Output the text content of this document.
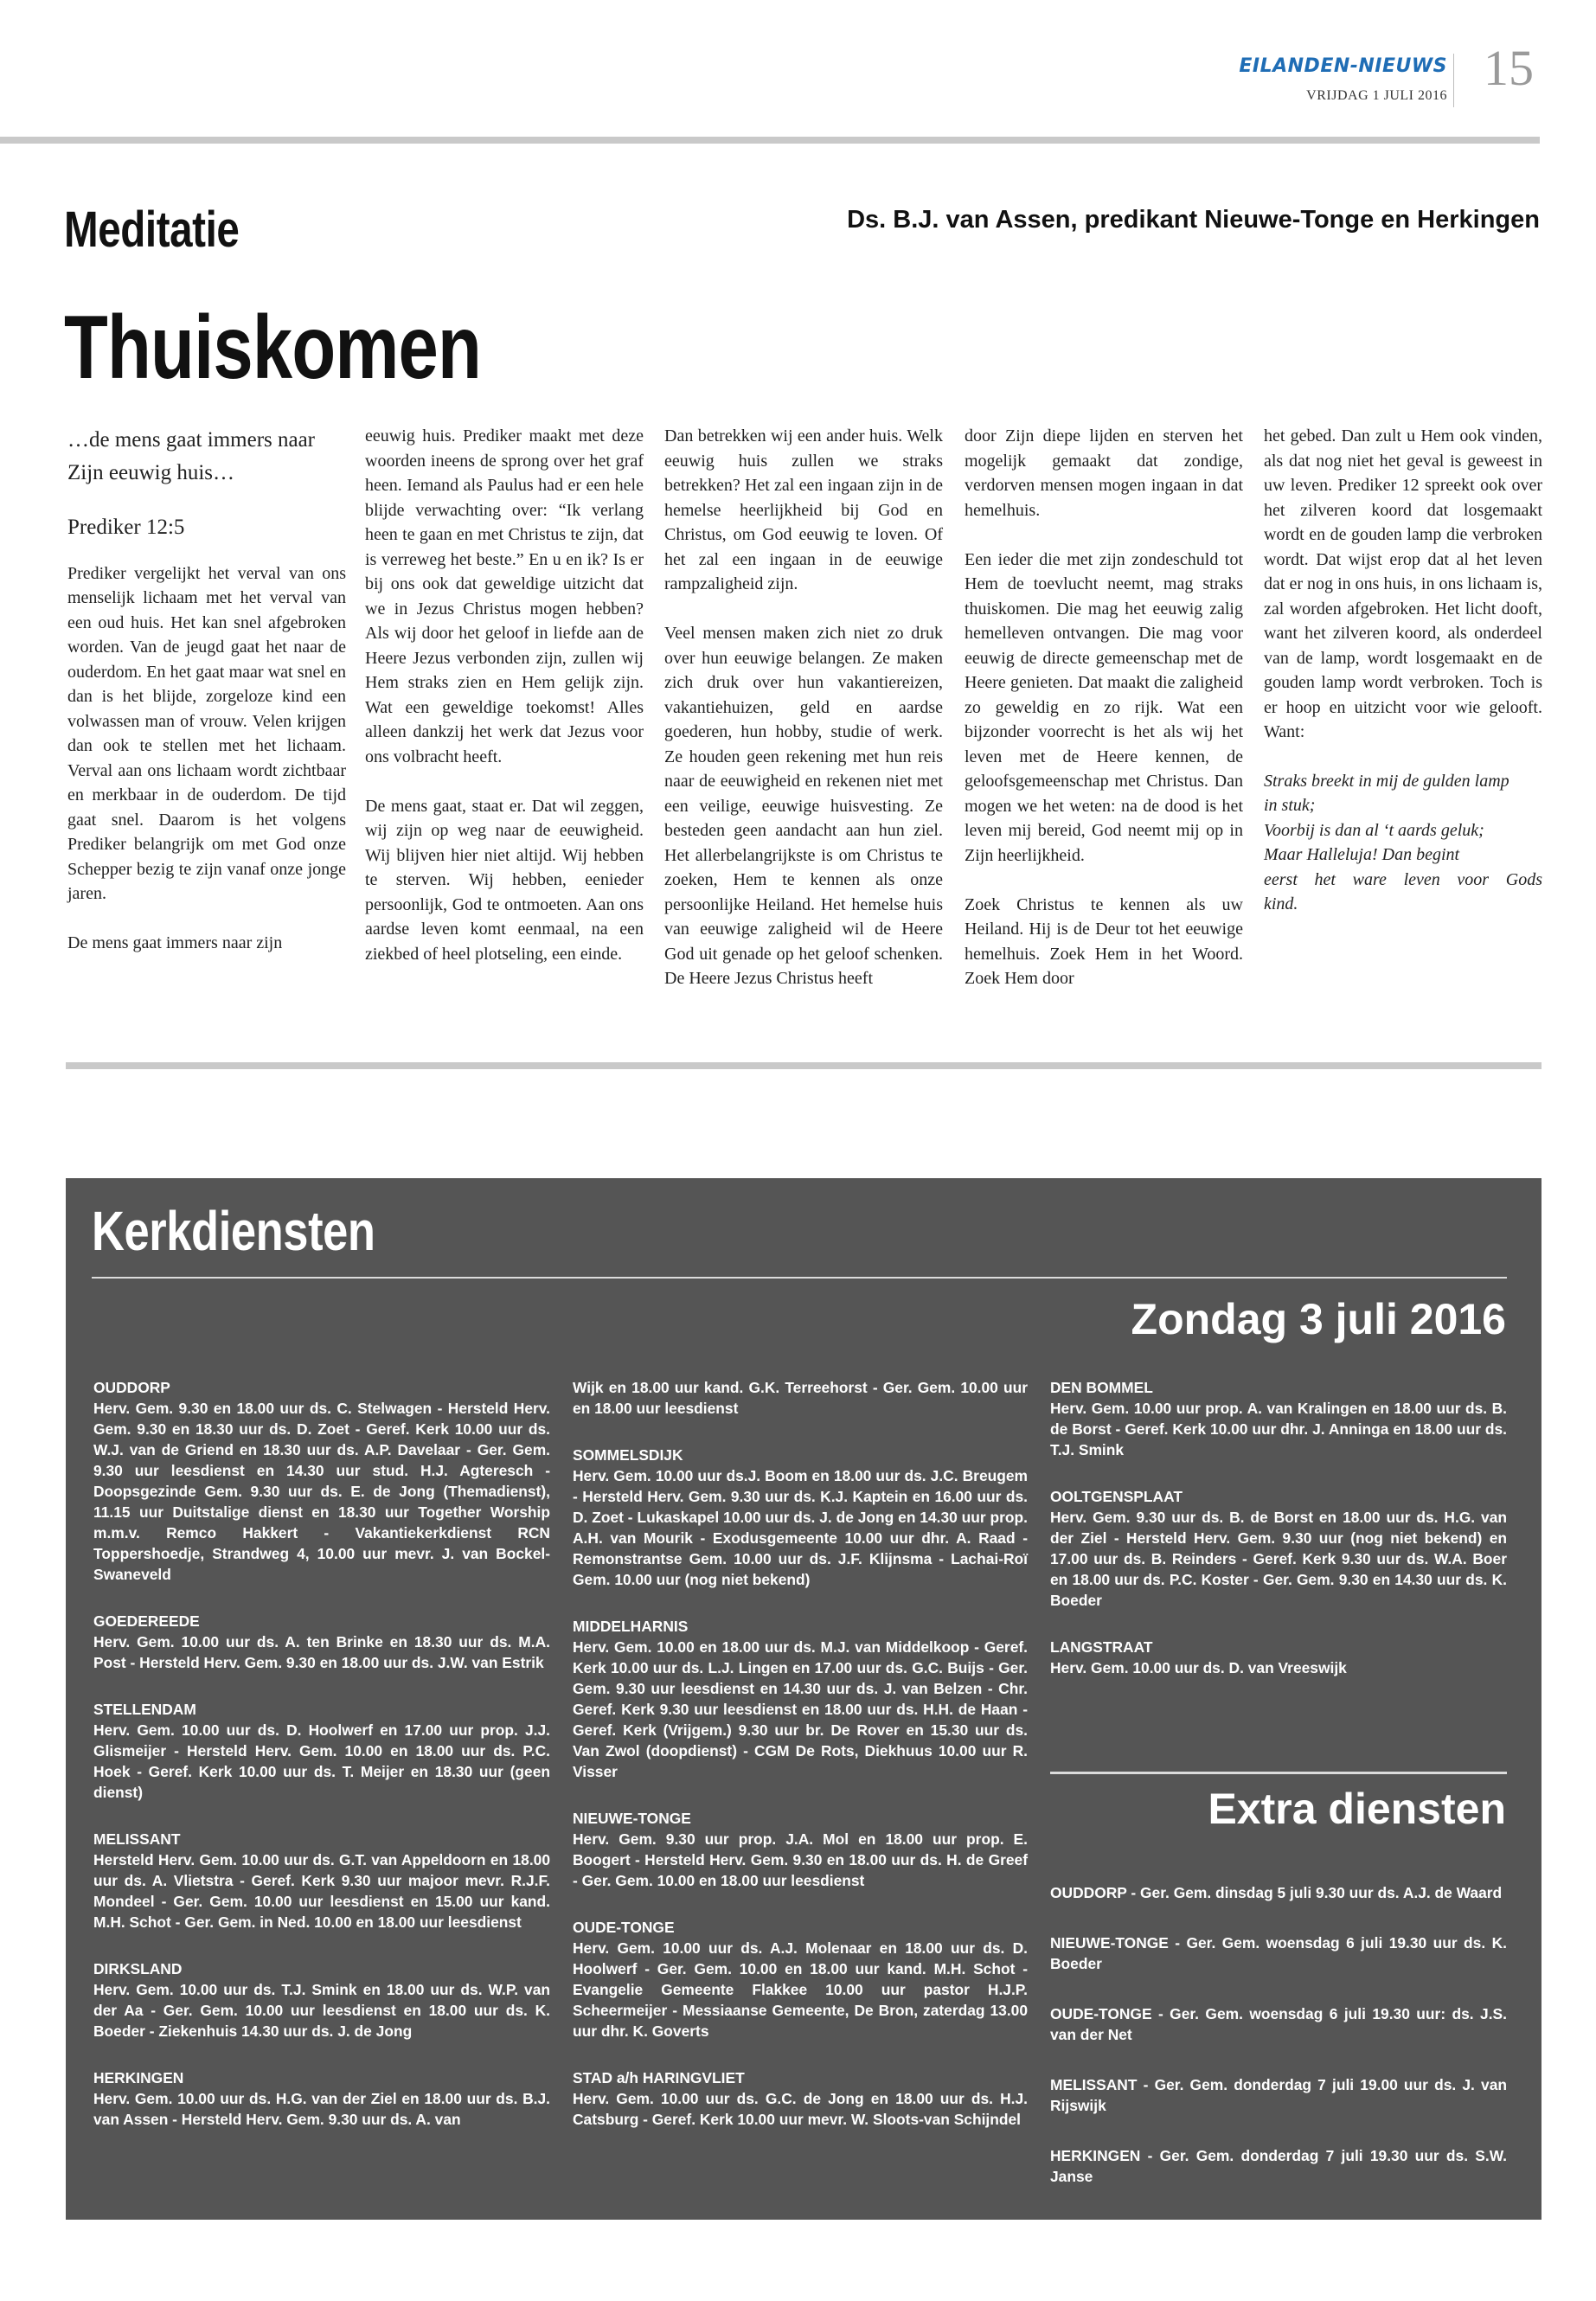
EILANDEN-NIEUWS
VRIJDAG 1 JULI 2016 15
Meditatie	Ds. B.J. van Assen, predikant Nieuwe-Tonge en Herkingen
Thuiskomen

…de mens gaat immers naar Zijn eeuwig huis…

Prediker 12:5

Prediker vergelijkt het verval van ons menselijk lichaam met het verval van een oud huis. Het kan snel afgebroken worden. Van de jeugd gaat het naar de ouderdom. En het gaat maar wat snel en dan is het blijde, zorgeloze kind een volwassen man of vrouw. Velen krijgen dan ook te stellen met het lichaam. Verval aan ons lichaam wordt zichtbaar en merkbaar in de ouderdom. De tijd gaat snel. Daarom is het volgens Prediker belangrijk om met God onze Schepper bezig te zijn vanaf onze jonge jaren.

De mens gaat immers naar zijn

eeuwig huis. Prediker maakt met deze woorden ineens de sprong over het graf heen. Iemand als Paulus had er een hele blijde verwachting over: “Ik verlang heen te gaan en met Christus te zijn, dat is verreweg het beste.” En u en ik? Is er bij ons ook dat geweldige uitzicht dat we in Jezus Christus mogen hebben? Als wij door het geloof in liefde aan de Heere Jezus verbonden zijn, zullen wij Hem straks zien en Hem gelijk zijn. Wat een geweldige toekomst! Alles alleen dankzij het werk dat Jezus voor ons volbracht heeft.

De mens gaat, staat er. Dat wil zeggen, wij zijn op weg naar de eeuwigheid. Wij blijven hier niet altijd. Wij hebben te sterven. Wij hebben, eenieder persoonlijk, God te ontmoeten. Aan ons aardse leven komt eenmaal, na een ziekbed of heel plotseling, een einde.

Dan betrekken wij een ander huis. Welk eeuwig huis zullen we straks betrekken? Het zal een ingaan zijn in de hemelse heerlijkheid bij God en Christus, om God eeuwig te loven. Of het zal een ingaan in de eeuwige rampzaligheid zijn.

Veel mensen maken zich niet zo druk over hun eeuwige belangen. Ze maken zich druk over hun vakantiereizen, vakantiehuizen, geld en aardse goederen, hun hobby, studie of werk. Ze houden geen rekening met hun reis naar de eeuwigheid en rekenen niet met een veilige, eeuwige huisvesting. Ze besteden geen aandacht aan hun ziel. Het allerbelangrijkste is om Christus te zoeken, Hem te kennen als onze persoonlijke Heiland. Het hemelse huis van eeuwige zaligheid wil de Heere God uit genade op het geloof schenken. De Heere Jezus Christus heeft

door Zijn diepe lijden en sterven het mogelijk gemaakt dat zondige, verdorven mensen mogen ingaan in dat hemelhuis.

Een ieder die met zijn zondeschuld tot Hem de toevlucht neemt, mag straks thuiskomen. Die mag het eeuwig zalig hemelleven ontvangen. Die mag voor eeuwig de directe gemeenschap met de Heere genieten. Dat maakt die zaligheid zo geweldig en zo rijk. Wat een bijzonder voorrecht is het als wij het leven met de Heere kennen, de geloofsgemeenschap met Christus. Dan mogen we het weten: na de dood is het leven mij bereid, God neemt mij op in Zijn heerlijkheid.

Zoek Christus te kennen als uw Heiland. Hij is de Deur tot het eeuwige hemelhuis. Zoek Hem in het Woord. Zoek Hem door

het gebed. Dan zult u Hem ook vinden, als dat nog niet het geval is geweest in uw leven. Prediker 12 spreekt ook over het zilveren koord dat losgemaakt wordt en de gouden lamp die verbroken wordt. Dat wijst erop dat al het leven dat er nog in ons huis, in ons lichaam is, zal worden afgebroken. Het licht dooft, want het zilveren koord, als onderdeel van de lamp, wordt losgemaakt en de gouden lamp wordt verbroken. Toch is er hoop en uitzicht voor wie gelooft. Want:

Straks breekt in mij de gulden lamp
in stuk;
Voorbij is dan al ‘t aards geluk;
Maar Halleluja! Dan begint
eerst het ware leven voor Gods
kind.

Kerkdiensten
Zondag 3 juli 2016
OUDDORP
Herv. Gem. 9.30 en 18.00 uur ds. C. Stelwagen - Hersteld Herv. Gem. 9.30 en 18.30 uur ds. D. Zoet - Geref. Kerk 10.00 uur ds. W.J. van de Griend en 18.30 uur ds. A.P. Davelaar - Ger. Gem. 9.30 uur leesdienst en 14.30 uur stud. H.J. Agteresch - Doopsgezinde Gem. 9.30 uur ds. E. de Jong (Themadienst), 11.15 uur Duitstalige dienst en 18.30 uur Together Worship m.m.v. Remco Hakkert - Vakantiekerkdienst RCN Toppershoedje, Strandweg 4, 10.00 uur mevr. J. van Bockel-Swaneveld
GOEDEREEDE
Herv. Gem. 10.00 uur ds. A. ten Brinke en 18.30 uur ds. M.A. Post - Hersteld Herv. Gem. 9.30 en 18.00 uur ds. J.W. van Estrik
STELLENDAM
Herv. Gem. 10.00 uur ds. D. Hoolwerf en 17.00 uur prop. J.J. Glismeijer - Hersteld Herv. Gem. 10.00 en 18.00 uur ds. P.C. Hoek - Geref. Kerk 10.00 uur ds. T. Meijer en 18.30 uur (geen dienst)
MELISSANT
Hersteld Herv. Gem. 10.00 uur ds. G.T. van Appeldoorn en 18.00 uur ds. A. Vlietstra - Geref. Kerk 9.30 uur majoor mevr. R.J.F. Mondeel - Ger. Gem. 10.00 uur leesdienst en 15.00 uur kand. M.H. Schot - Ger. Gem. in Ned. 10.00 en 18.00 uur leesdienst
DIRKSLAND
Herv. Gem. 10.00 uur ds. T.J. Smink en 18.00 uur ds. W.P. van der Aa - Ger. Gem. 10.00 uur leesdienst en 18.00 uur ds. K. Boeder - Ziekenhuis 14.30 uur ds. J. de Jong
HERKINGEN
Herv. Gem. 10.00 uur ds. H.G. van der Ziel en 18.00 uur ds. B.J. van Assen - Hersteld Herv. Gem. 9.30 uur ds. A. van
Wijk en 18.00 uur kand. G.K. Terreehorst - Ger. Gem. 10.00 uur en 18.00 uur leesdienst
SOMMELSDIJK
Herv. Gem. 10.00 uur ds.J. Boom en 18.00 uur ds. J.C. Breugem - Hersteld Herv. Gem. 9.30 uur ds. K.J. Kaptein en 16.00 uur ds. D. Zoet - Lukaskapel 10.00 uur ds. J. de Jong en 14.30 uur prop. A.H. van Mourik - Exodusgemeente 10.00 uur dhr. A. Raad - Remonstrantse Gem. 10.00 uur ds. J.F. Klijnsma - Lachai-Roï Gem. 10.00 uur (nog niet bekend)
MIDDELHARNIS
Herv. Gem. 10.00 en 18.00 uur ds. M.J. van Middelkoop - Geref. Kerk 10.00 uur ds. L.J. Lingen en 17.00 uur ds. G.C. Buijs - Ger. Gem. 9.30 uur leesdienst en 14.30 uur ds. J. van Belzen - Chr. Geref. Kerk 9.30 uur leesdienst en 18.00 uur ds. H.H. de Haan - Geref. Kerk (Vrijgem.) 9.30 uur br. De Rover en 15.30 uur ds. Van Zwol (doopdienst) - CGM De Rots, Diekhuus 10.00 uur R. Visser
NIEUWE-TONGE
Herv. Gem. 9.30 uur prop. J.A. Mol en 18.00 uur prop. E. Boogert - Hersteld Herv. Gem. 9.30 en 18.00 uur ds. H. de Greef - Ger. Gem. 10.00 en 18.00 uur leesdienst
OUDE-TONGE
Herv. Gem. 10.00 uur ds. A.J. Molenaar en 18.00 uur ds. D. Hoolwerf - Ger. Gem. 10.00 en 18.00 uur kand. M.H. Schot - Evangelie Gemeente Flakkee 10.00 uur pastor H.J.P. Scheermeijer - Messiaanse Gemeente, De Bron, zaterdag 13.00 uur dhr. K. Goverts
STAD a/h HARINGVLIET
Herv. Gem. 10.00 uur ds. G.C. de Jong en 18.00 uur ds. H.J. Catsburg - Geref. Kerk 10.00 uur mevr. W. Sloots-van Schijndel
DEN BOMMEL
Herv. Gem. 10.00 uur prop. A. van Kralingen en 18.00 uur ds. B. de Borst - Geref. Kerk 10.00 uur dhr. J. Anninga en 18.00 uur ds. T.J. Smink
OOLTGENSPLAAT
Herv. Gem. 9.30 uur ds. B. de Borst en 18.00 uur ds. H.G. van der Ziel - Hersteld Herv. Gem. 9.30 uur (nog niet bekend) en 17.00 uur ds. B. Reinders - Geref. Kerk 9.30 uur ds. W.A. Boer en 18.00 uur ds. P.C. Koster - Ger. Gem. 9.30 en 14.30 uur ds. K. Boeder
LANGSTRAAT
Herv. Gem. 10.00 uur ds. D. van Vreeswijk
Extra diensten
OUDDORP - Ger. Gem. dinsdag 5 juli 9.30 uur ds. A.J. de Waard
NIEUWE-TONGE - Ger. Gem. woensdag 6 juli 19.30 uur ds. K. Boeder
OUDE-TONGE - Ger. Gem. woensdag 6 juli 19.30 uur: ds. J.S. van der Net
MELISSANT - Ger. Gem. donderdag 7 juli 19.00 uur ds. J. van Rijswijk
HERKINGEN - Ger. Gem. donderdag 7 juli 19.30 uur ds. S.W. Janse
